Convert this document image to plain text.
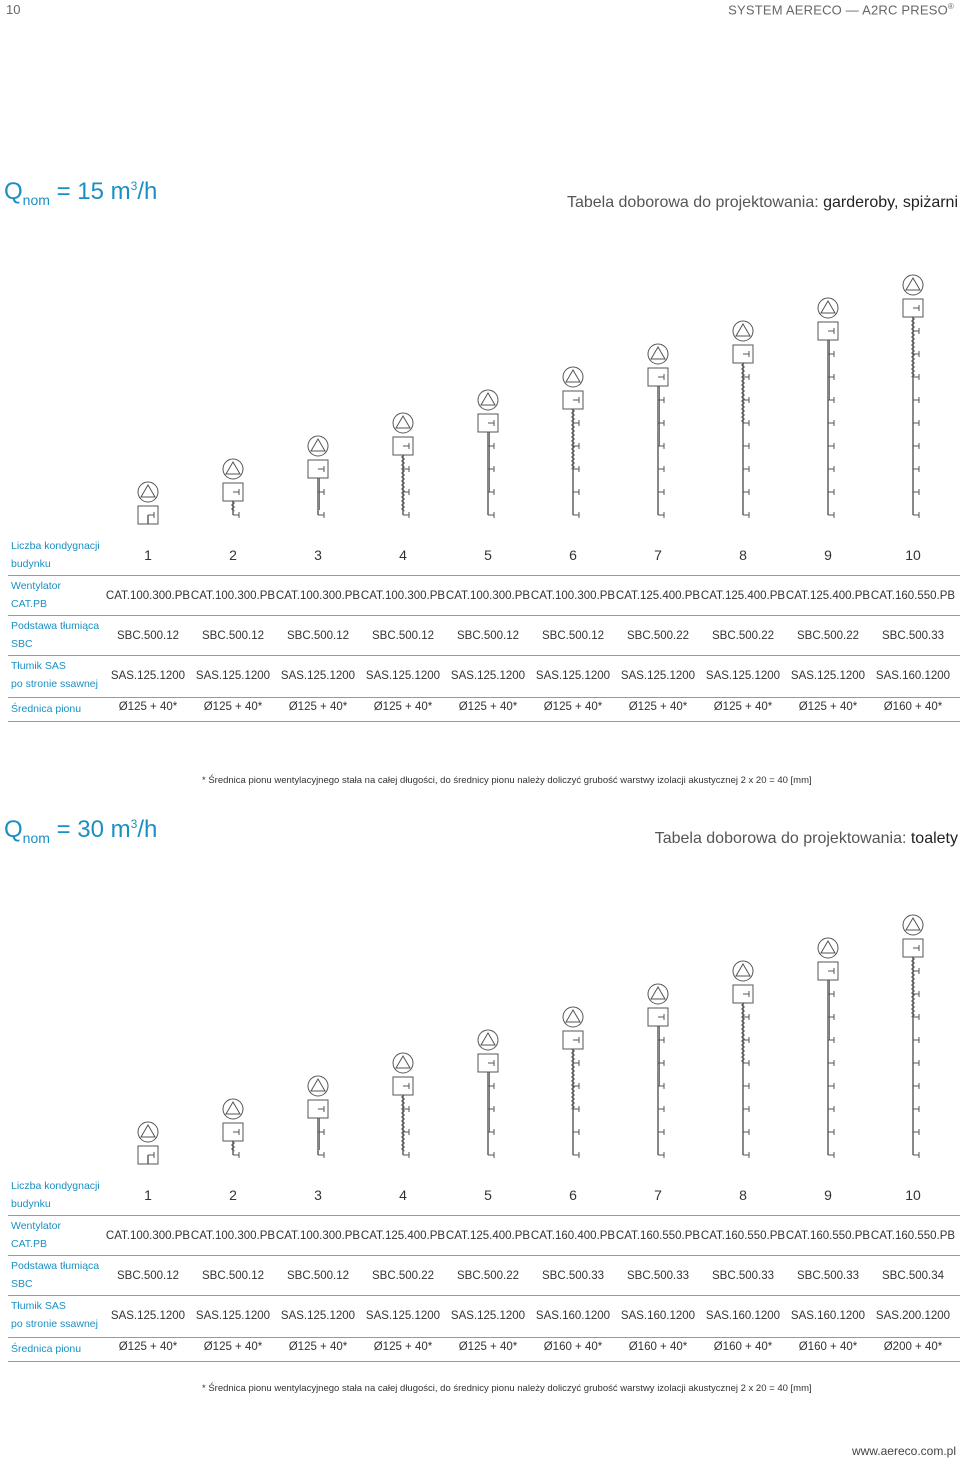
10	SYSTEM AERECO — A2RC PRESO®
$Q_{nom} = 15$ $m^3/h$	Tabela doborowa do projektowania: garderoby, spiżarni
Liczba kondygnacji
budynku
1	2	3	4	5	6	7	8	9	10
Wentylator
CAT.PB
CAT.100.300.PB CAT.100.300.PB CAT.100.300.PB CAT.100.300.PB CAT.100.300.PB CAT.100.300.PB CAT.125.400.PB CAT.125.400.PB CAT.125.400.PB CAT.160.550.PB
Podstawa tłumiąca
SBC
SBC.500.12	SBC.500.12	SBC.500.12	SBC.500.12	SBC.500.12	SBC.500.12	SBC.500.22	SBC.500.22	SBC.500.22	SBC.500.33
Tłumik SAS
po stronie ssawnej
SAS.125.1200 SAS.125.1200 SAS.125.1200 SAS.125.1200 SAS.125.1200 SAS.125.1200 SAS.125.1200 SAS.125.1200 SAS.125.1200 SAS.160.1200
Średnica pionu	Ø125 + 40*	Ø125 + 40*	Ø125 + 40*	Ø125 + 40*	Ø125 + 40*	Ø125 + 40*	Ø125 + 40*	Ø125 + 40*	Ø125 + 40*	Ø160 + 40*
* Średnica pionu wentylacyjnego stała na całej długości, do średnicy pionu należy doliczyć grubość warstwy izolacji akustycznej 2 x 20 = 40 [mm]
$Q_{nom} = 30$ $m^3/h$	Tabela doborowa do projektowania: toalety
Liczba kondygnacji
budynku
1	2	3	4	5	6	7	8	9	10
Wentylator
CAT.PB
CAT.100.300.PB CAT.100.300.PB CAT.100.300.PB CAT.125.400.PB CAT.125.400.PB CAT.160.400.PB CAT.160.550.PB CAT.160.550.PB CAT.160.550.PB CAT.160.550.PB
Podstawa tłumiąca
SBC
SBC.500.12	SBC.500.12	SBC.500.12	SBC.500.22	SBC.500.22	SBC.500.33	SBC.500.33	SBC.500.33	SBC.500.33	SBC.500.34
Tłumik SAS
po stronie ssawnej
SAS.125.1200 SAS.125.1200 SAS.125.1200 SAS.125.1200 SAS.125.1200 SAS.160.1200 SAS.160.1200 SAS.160.1200 SAS.160.1200 SAS.200.1200
Średnica pionu	Ø125 + 40*	Ø125 + 40*	Ø125 + 40*	Ø125 + 40*	Ø125 + 40*	Ø160 + 40*	Ø160 + 40*	Ø160 + 40*	Ø160 + 40*	Ø200 + 40*
* Średnica pionu wentylacyjnego stała na całej długości, do średnicy pionu należy doliczyć grubość warstwy izolacji akustycznej 2 x 20 = 40 [mm]
www.aereco.com.pl
